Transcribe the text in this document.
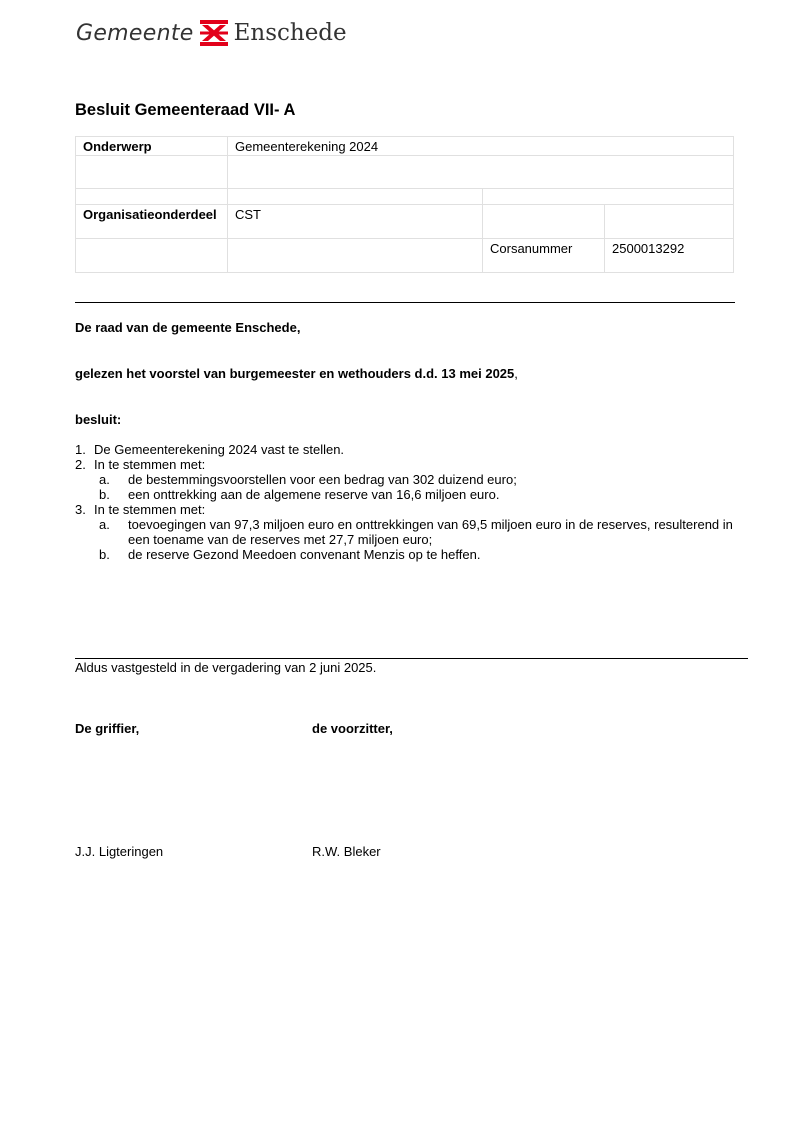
Gemeente Enschede
Besluit Gemeenteraad VII- A
Onderwerp	Gemeenterekening 2024		

Organisatieonderdeel	CST		
		Corsanummer	2500013292
De raad van de gemeente Enschede,
gelezen het voorstel van burgemeester en wethouders d.d. 13 mei 2025,
besluit:
1. De Gemeenterekening 2024 vast te stellen.
2. In te stemmen met:
a. de bestemmingsvoorstellen voor een bedrag van 302 duizend euro;
b. een onttrekking aan de algemene reserve van 16,6 miljoen euro.
3. In te stemmen met:
a. toevoegingen van 97,3 miljoen euro en onttrekkingen van 69,5 miljoen euro in de reserves, resulterend in een toename van de reserves met 27,7 miljoen euro;
b. de reserve Gezond Meedoen convenant Menzis op te heffen.
Aldus vastgesteld in de vergadering van 2 juni 2025.
De griffier,	de voorzitter,
J.J. Ligteringen	R.W. Bleker
